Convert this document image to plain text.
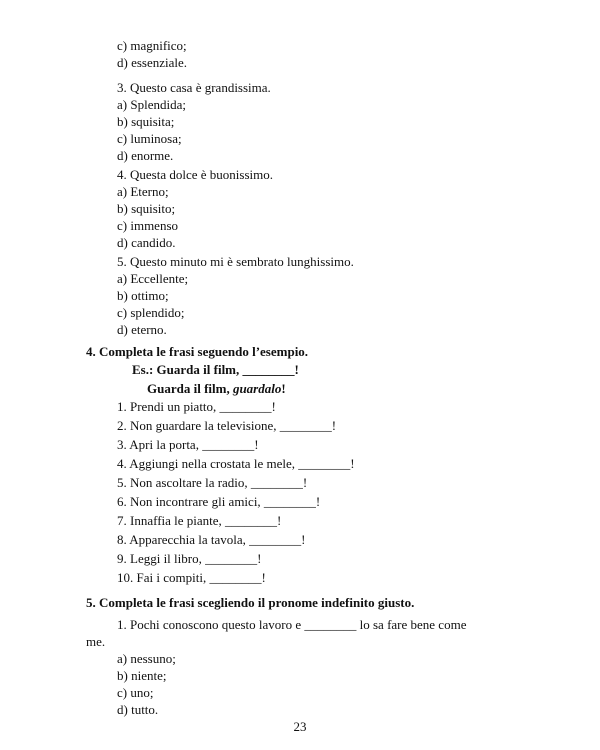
c) magnifico;
d) essenziale.
3. Questo casa è grandissima.
a) Splendida;
b) squisita;
c) luminosa;
d) enorme.
4. Questa dolce è buonissimo.
a) Eterno;
b) squisito;
c) immenso
d) candido.
5. Questo minuto mi è sembrato lunghissimo.
a) Eccellente;
b) ottimo;
c) splendido;
d) eterno.
4. Completa le frasi seguendo l’esempio.
Es.: Guarda il film, ________!
Guarda il film, guardalo!
1. Prendi un piatto, ________!
2. Non guardare la televisione, ________!
3. Apri la porta, ________!
4. Aggiungi nella crostata le mele, ________!
5. Non ascoltare la radio, ________!
6. Non incontrare gli amici, ________!
7. Innaffia le piante, ________!
8. Apparecchia la tavola, ________!
9. Leggi il libro, ________!
10. Fai i compiti, ________!
5. Completa le frasi scegliendo il pronome indefinito giusto.
1. Pochi conoscono questo lavoro e ________ lo sa fare bene come
me.
a) nessuno;
b) niente;
c) uno;
d) tutto.
23
